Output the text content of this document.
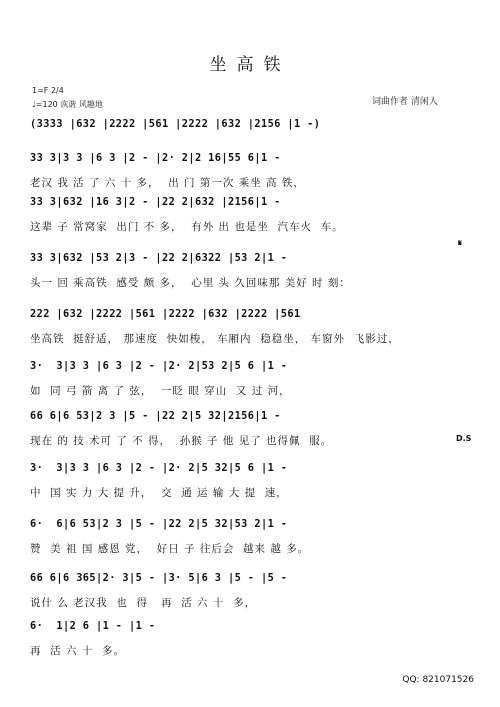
坐高铁
1=F 2/4
♩=120 诙谐 风趣地	词曲作者 清闲人
(3333 |632 |2222 |561 |2222 |632 |2156 |1 -)
33 3|3 3 |6 3 |2 - |2· 2|2 16|55 6|1 -
老汉 我 活 了 六 十 多，  出 门 第一次 乘坐 高 铁，
33 3|632 |16 3|2 - |22 2|632 |2156|1 -
这辈 子 常窝家  出门 不 多，  有外 出 也是坐  汽车火  车。
33 3|632 |53 2|3 - |22 2|6322 |53 2|1 -
头一 回 乘高铁  感受 颇 多，  心里 头 久回味那 美好 时 刻：
222 |632 |2222 |561 |2222 |632 |2222 |561
坐高铁  挺舒适， 那速度  快如梭， 车厢内  稳稳坐， 车窗外  飞影过，
3·  3|3 3 |6 3 |2 - |2· 2|53 2|5 6 |1 -
如  同 弓 箭 离 了 弦，  一眨 眼 穿山  又 过 河，
66 6|6 53|2 3 |5 - |22 2|5 32|2156|1 -
现在 的 技 术可 了 不 得，  孙猴 子 他 见了 也得佩  服。
3·  3|3 3 |6 3 |2 - |2· 2|5 32|5 6 |1 -
中  国 实 力 大 提 升，  交  通 运 输 大 提  速，
6·  6|6 53|2 3 |5 - |22 2|5 32|53 2|1 -
赞  美 祖 国 感恩 党，  好日 子 往后会  越来 越 多。
66 6|6 365|2· 3|5 - |3· 5|6 3 |5 - |5 -
说什 么 老汉我  也  得   再  活 六 十  多，
6·  1|2 6 |1 - |1 -
再  活 六 十  多。
𝄋
D.S
QQ: 821071526
